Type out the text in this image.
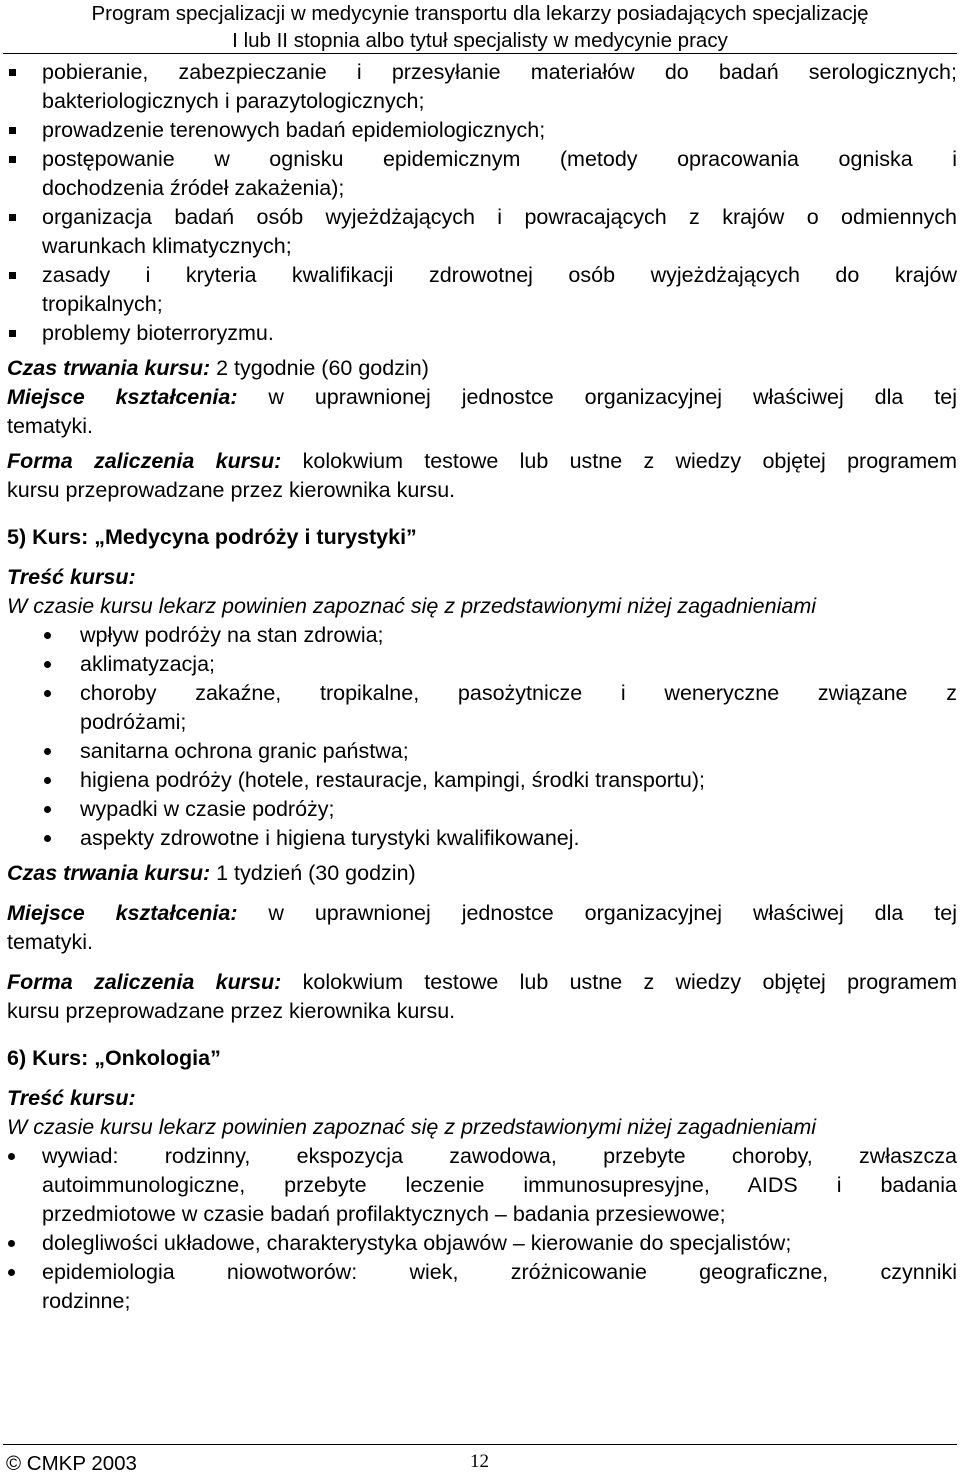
Program specjalizacji w medycynie transportu dla lekarzy posiadających specjalizację
I lub II stopnia albo tytuł specjalisty w medycynie pracy
pobieranie, zabezpieczanie i przesyłanie materiałów do badań serologicznych;
bakteriologicznych i parazytologicznych;
prowadzenie terenowych badań epidemiologicznych;
postępowanie w ognisku epidemicznym (metody opracowania ogniska i
dochodzenia źródeł zakażenia);
organizacja badań osób wyjeżdżających i powracających z krajów o odmiennych
warunkach klimatycznych;
zasady i kryteria kwalifikacji zdrowotnej osób wyjeżdżających do krajów
tropikalnych;
problemy bioterroryzmu.
Czas trwania kursu: 2 tygodnie (60 godzin)
Miejsce kształcenia: w uprawnionej jednostce organizacyjnej właściwej dla tej
tematyki.
Forma zaliczenia kursu: kolokwium testowe lub ustne z wiedzy objętej programem
kursu przeprowadzane przez kierownika kursu.
5) Kurs: „Medycyna podróży i turystyki”
Treść kursu:
W czasie kursu lekarz powinien zapoznać się z przedstawionymi niżej zagadnieniami
wpływ podróży na stan zdrowia;
aklimatyzacja;
choroby zakaźne, tropikalne, pasożytnicze i weneryczne związane z
podróżami;
sanitarna ochrona granic państwa;
higiena podróży (hotele, restauracje, kampingi, środki transportu);
wypadki w czasie podróży;
aspekty zdrowotne i higiena turystyki kwalifikowanej.
Czas trwania kursu: 1 tydzień (30 godzin)
Miejsce kształcenia: w uprawnionej jednostce organizacyjnej właściwej dla tej
tematyki.
Forma zaliczenia kursu: kolokwium testowe lub ustne z wiedzy objętej programem
kursu przeprowadzane przez kierownika kursu.
6) Kurs: „Onkologia”
Treść kursu:
W czasie kursu lekarz powinien zapoznać się z przedstawionymi niżej zagadnieniami
wywiad: rodzinny, ekspozycja zawodowa, przebyte choroby, zwłaszcza
autoimmunologiczne, przebyte leczenie immunosupresyjne, AIDS i badania
przedmiotowe w czasie badań profilaktycznych – badania przesiewowe;
dolegliwości układowe, charakterystyka objawów – kierowanie do specjalistów;
epidemiologia niowotworów: wiek, zróżnicowanie geograficzne, czynniki
rodzinne;
© CMKP 2003	12
